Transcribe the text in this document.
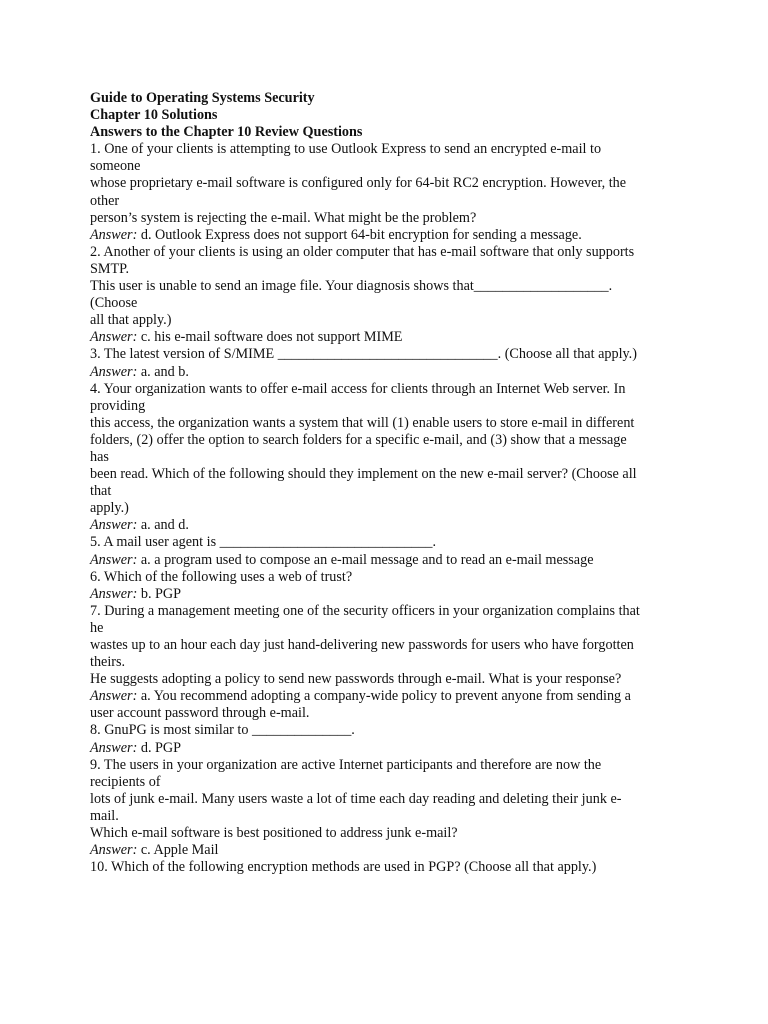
Guide to Operating Systems Security
Chapter 10 Solutions
Answers to the Chapter 10 Review Questions
1. One of your clients is attempting to use Outlook Express to send an encrypted e-mail to
someone
whose proprietary e-mail software is configured only for 64-bit RC2 encryption. However, the
other
person’s system is rejecting the e-mail. What might be the problem?
Answer: d. Outlook Express does not support 64-bit encryption for sending a message.
2. Another of your clients is using an older computer that has e-mail software that only supports
SMTP.
This user is unable to send an image file. Your diagnosis shows that___________________.
(Choose
all that apply.)
Answer: c. his e-mail software does not support MIME
3. The latest version of S/MIME _______________________________. (Choose all that apply.)
Answer: a. and b.
4. Your organization wants to offer e-mail access for clients through an Internet Web server. In
providing
this access, the organization wants a system that will (1) enable users to store e-mail in different
folders, (2) offer the option to search folders for a specific e-mail, and (3) show that a message
has
been read. Which of the following should they implement on the new e-mail server? (Choose all
that
apply.)
Answer: a. and d.
5. A mail user agent is ______________________________.
Answer: a. a program used to compose an e-mail message and to read an e-mail message
6. Which of the following uses a web of trust?
Answer: b. PGP
7. During a management meeting one of the security officers in your organization complains that
he
wastes up to an hour each day just hand-delivering new passwords for users who have forgotten
theirs.
He suggests adopting a policy to send new passwords through e-mail. What is your response?
Answer: a. You recommend adopting a company-wide policy to prevent anyone from sending a
user account password through e-mail.
8. GnuPG is most similar to ______________.
Answer: d. PGP
9. The users in your organization are active Internet participants and therefore are now the
recipients of
lots of junk e-mail. Many users waste a lot of time each day reading and deleting their junk e-
mail.
Which e-mail software is best positioned to address junk e-mail?
Answer: c. Apple Mail
10. Which of the following encryption methods are used in PGP? (Choose all that apply.)
